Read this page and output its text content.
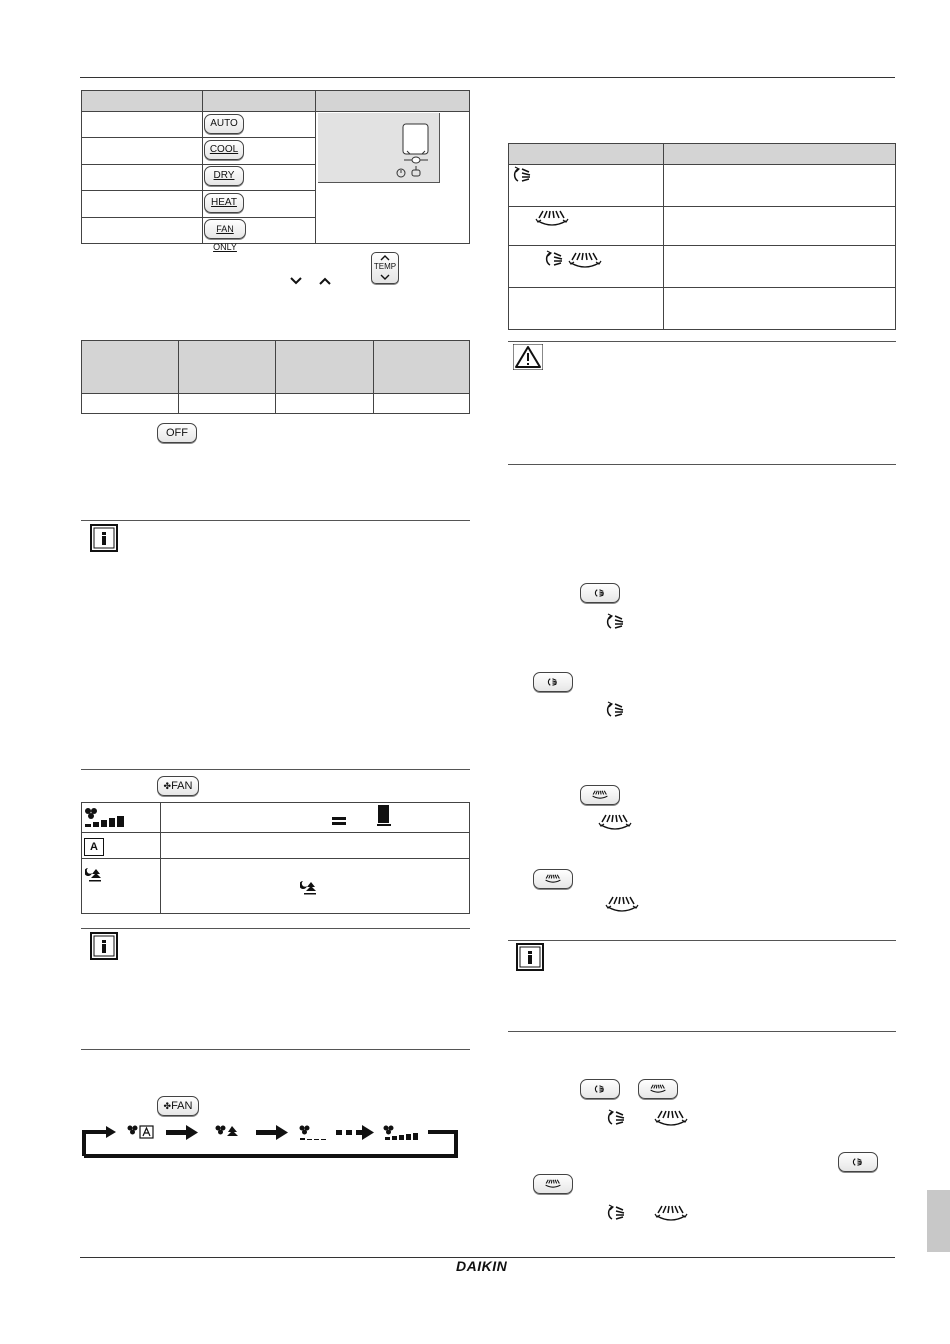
AUTO
COOL
DRY
HEAT
FAN ONLY
TEMP

OFF
✤FAN

A
✤FAN

DAIKIN
